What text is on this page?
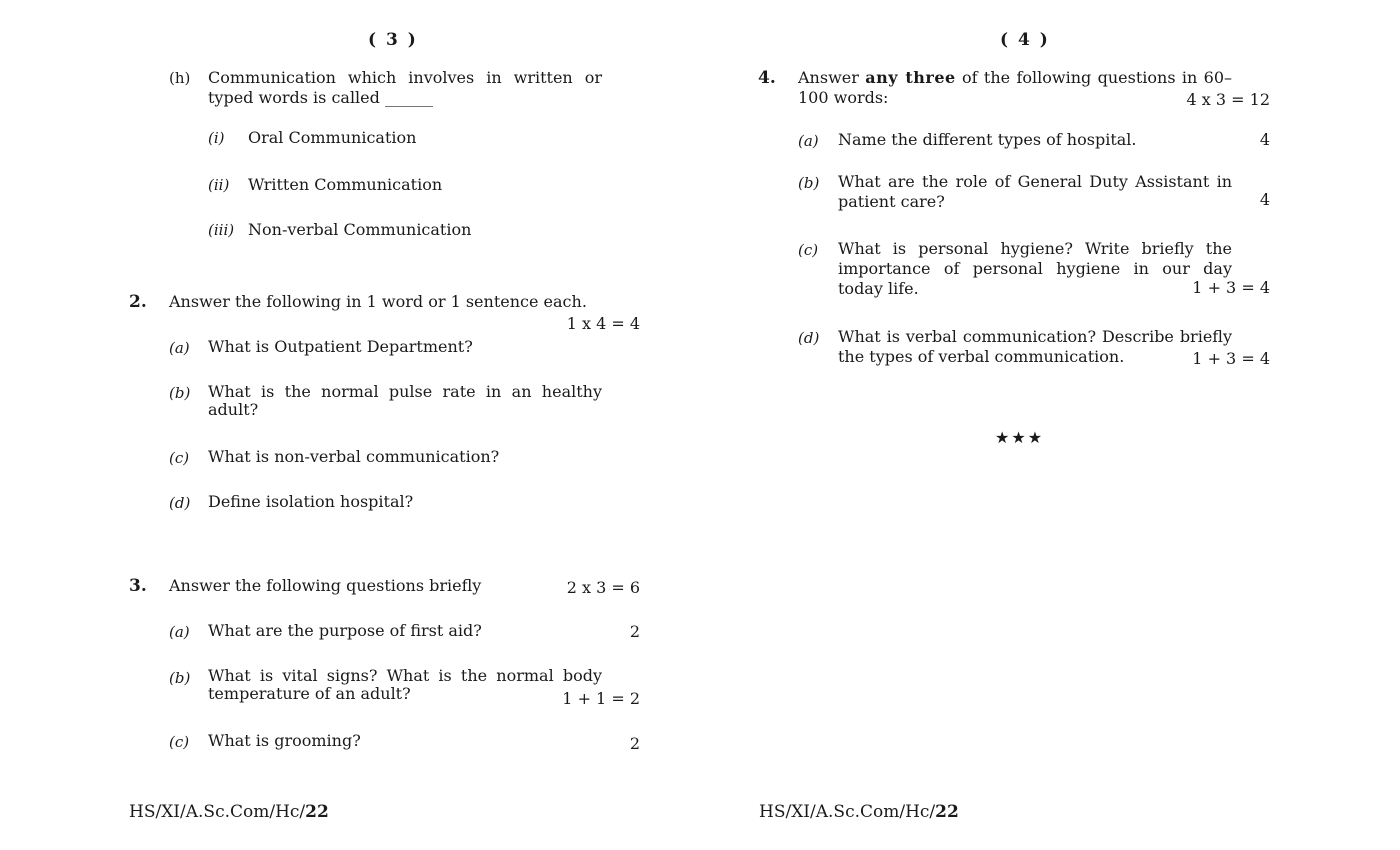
( 3 )
(h) Communication which involves in written or typed words is called ______
(i) Oral Communication
(ii) Written Communication
(iii) Non-verbal Communication
2. Answer the following in 1 word or 1 sentence each.
1 x 4 = 4
(a) What is Outpatient Department?
(b) What is the normal pulse rate in an healthy adult?
(c) What is non-verbal communication?
(d) Define isolation hospital?
3. Answer the following questions briefly	2 x 3 = 6
(a) What are the purpose of first aid?	2
(b) What is vital signs? What is the normal body temperature of an adult?	1 + 1 = 2
(c) What is grooming?	2
HS/XI/A.Sc.Com/Hc/22
( 4 )
4. Answer any three of the following questions in 60–100 words:	4 x 3 = 12
(a) Name the different types of hospital.	4
(b) What are the role of General Duty Assistant in patient care?	4
(c) What is personal hygiene? Write briefly the importance of personal hygiene in our day today life.	1 + 3 = 4
(d) What is verbal communication? Describe briefly the types of verbal communication.	1 + 3 = 4
★★★
HS/XI/A.Sc.Com/Hc/22
